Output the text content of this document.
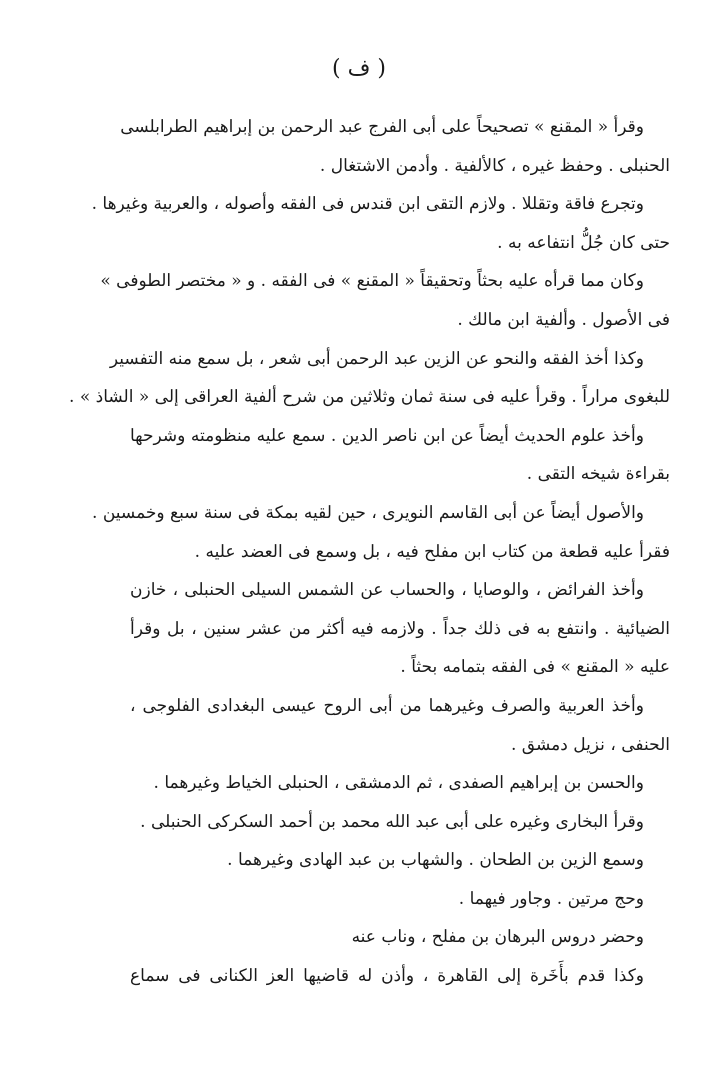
( ف )
وقرأ « المقنع » تصحيحاً على أبى الفرج عبد الرحمن بن إبراهيم الطرابلسى
الحنبلى . وحفظ غيره ، كالألفية . وأدمن الاشتغال .
وتجرع فاقة وتقللا . ولازم التقى ابن قندس فى الفقه وأصوله ، والعربية وغيرها .
حتى كان جُلُّ انتفاعه به .
وكان مما قرأه عليه بحثاً وتحقيقاً « المقنع » فى الفقه . و « مختصر الطوفى »
فى الأصول . وألفية ابن مالك .
وكذا أخذ الفقه والنحو عن الزين عبد الرحمن أبى شعر ، بل سمع منه التفسير
للبغوى مراراً . وقرأ عليه فى سنة ثمان وثلاثين من شرح ألفية العراقى إلى « الشاذ » .
وأخذ علوم الحديث أيضاً عن ابن ناصر الدين . سمع عليه منظومته وشرحها
بقراءة شيخه التقى .
والأصول أيضاً عن أبى القاسم النويرى ، حين لقيه بمكة فى سنة سبع وخمسين .
فقرأ عليه قطعة من كتاب ابن مفلح فيه ، بل وسمع فى العضد عليه .
وأخذ الفرائض ، والوصايا ، والحساب عن الشمس السيلى الحنبلى ، خازن
الضيائية . وانتفع به فى ذلك جداً . ولازمه فيه أكثر من عشر سنين ، بل وقرأ
عليه « المقنع » فى الفقه بتمامه بحثاً .
وأخذ العربية والصرف وغيرهما من أبى الروح عيسى البغدادى الفلوجى ،
الحنفى ، نزيل دمشق .
والحسن بن إبراهيم الصفدى ، ثم الدمشقى ، الحنبلى الخياط وغيرهما .
وقرأ البخارى وغيره على أبى عبد الله محمد بن أحمد السكركى الحنبلى .
وسمع الزين بن الطحان . والشهاب بن عبد الهادى وغيرهما .
وحج مرتين . وجاور فيهما .
وحضر دروس البرهان بن مفلح ، وناب عنه
وكذا قدم بأَخَرة إلى القاهرة ، وأذن له قاضيها العز الكنانى فى سماع
